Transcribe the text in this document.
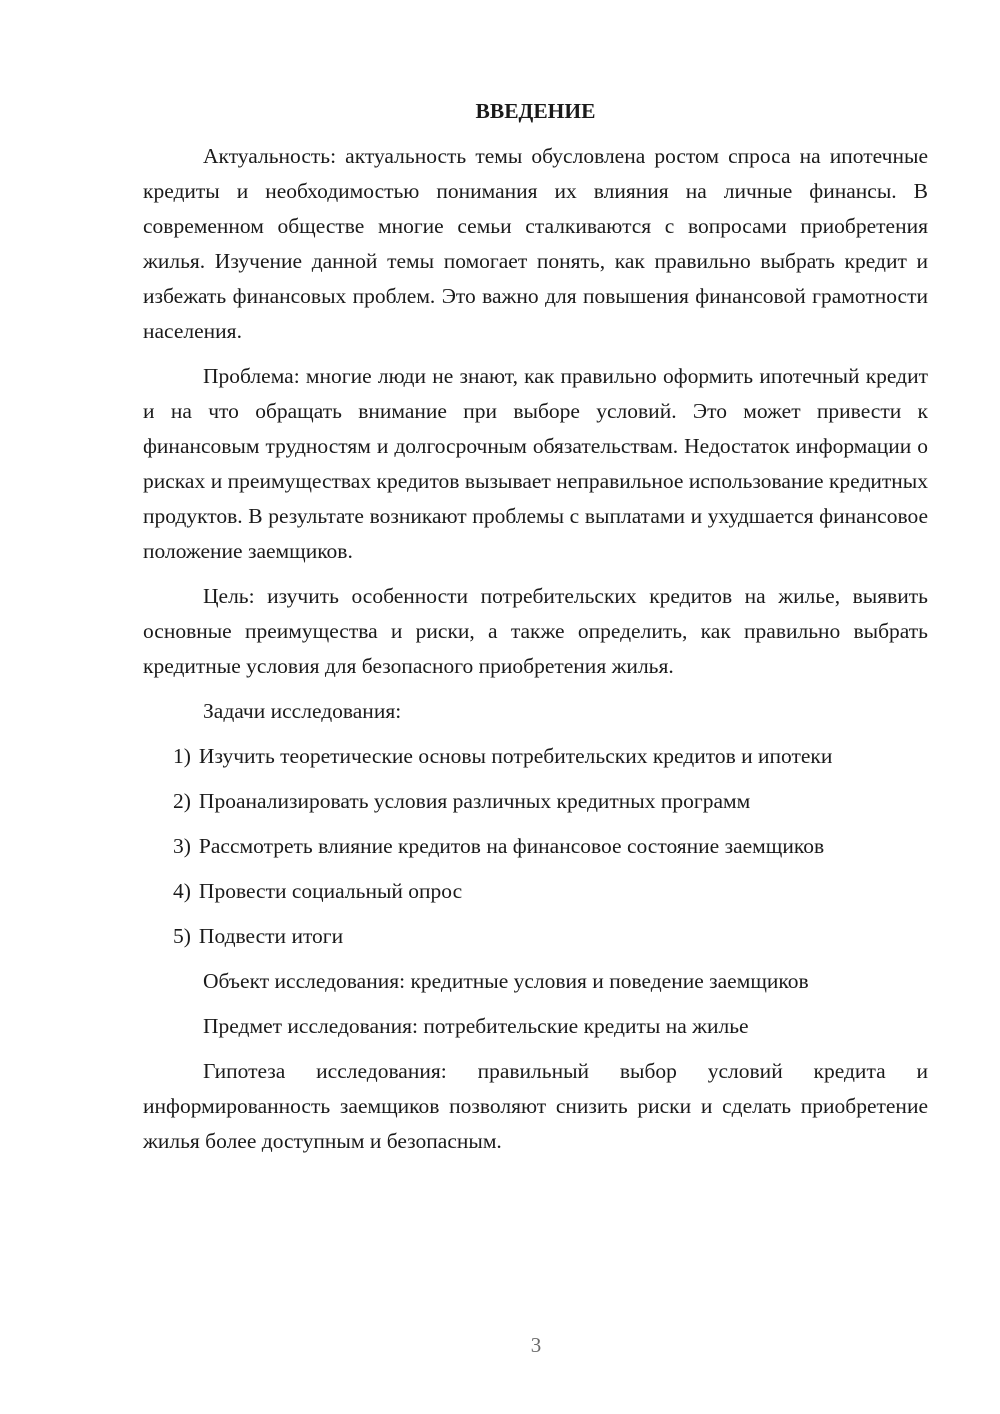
ВВЕДЕНИЕ

Актуальность: актуальность темы обусловлена ростом спроса на ипотечные кредиты и необходимостью понимания их влияния на личные финансы. В современном обществе многие семьи сталкиваются с вопросами приобретения жилья. Изучение данной темы помогает понять, как правильно выбрать кредит и избежать финансовых проблем. Это важно для повышения финансовой грамотности населения.

Проблема: многие люди не знают, как правильно оформить ипотечный кредит и на что обращать внимание при выборе условий. Это может привести к финансовым трудностям и долгосрочным обязательствам. Недостаток информации о рисках и преимуществах кредитов вызывает неправильное использование кредитных продуктов. В результате возникают проблемы с выплатами и ухудшается финансовое положение заемщиков.

Цель: изучить особенности потребительских кредитов на жилье, выявить основные преимущества и риски, а также определить, как правильно выбрать кредитные условия для безопасного приобретения жилья.

Задачи исследования:

1) Изучить теоретические основы потребительских кредитов и ипотеки
2) Проанализировать условия различных кредитных программ
3) Рассмотреть влияние кредитов на финансовое состояние заемщиков
4) Провести социальный опрос
5) Подвести итоги

Объект исследования: кредитные условия и поведение заемщиков

Предмет исследования: потребительские кредиты на жилье

Гипотеза исследования: правильный выбор условий кредита и информированность заемщиков позволяют снизить риски и сделать приобретение жилья более доступным и безопасным.

3
